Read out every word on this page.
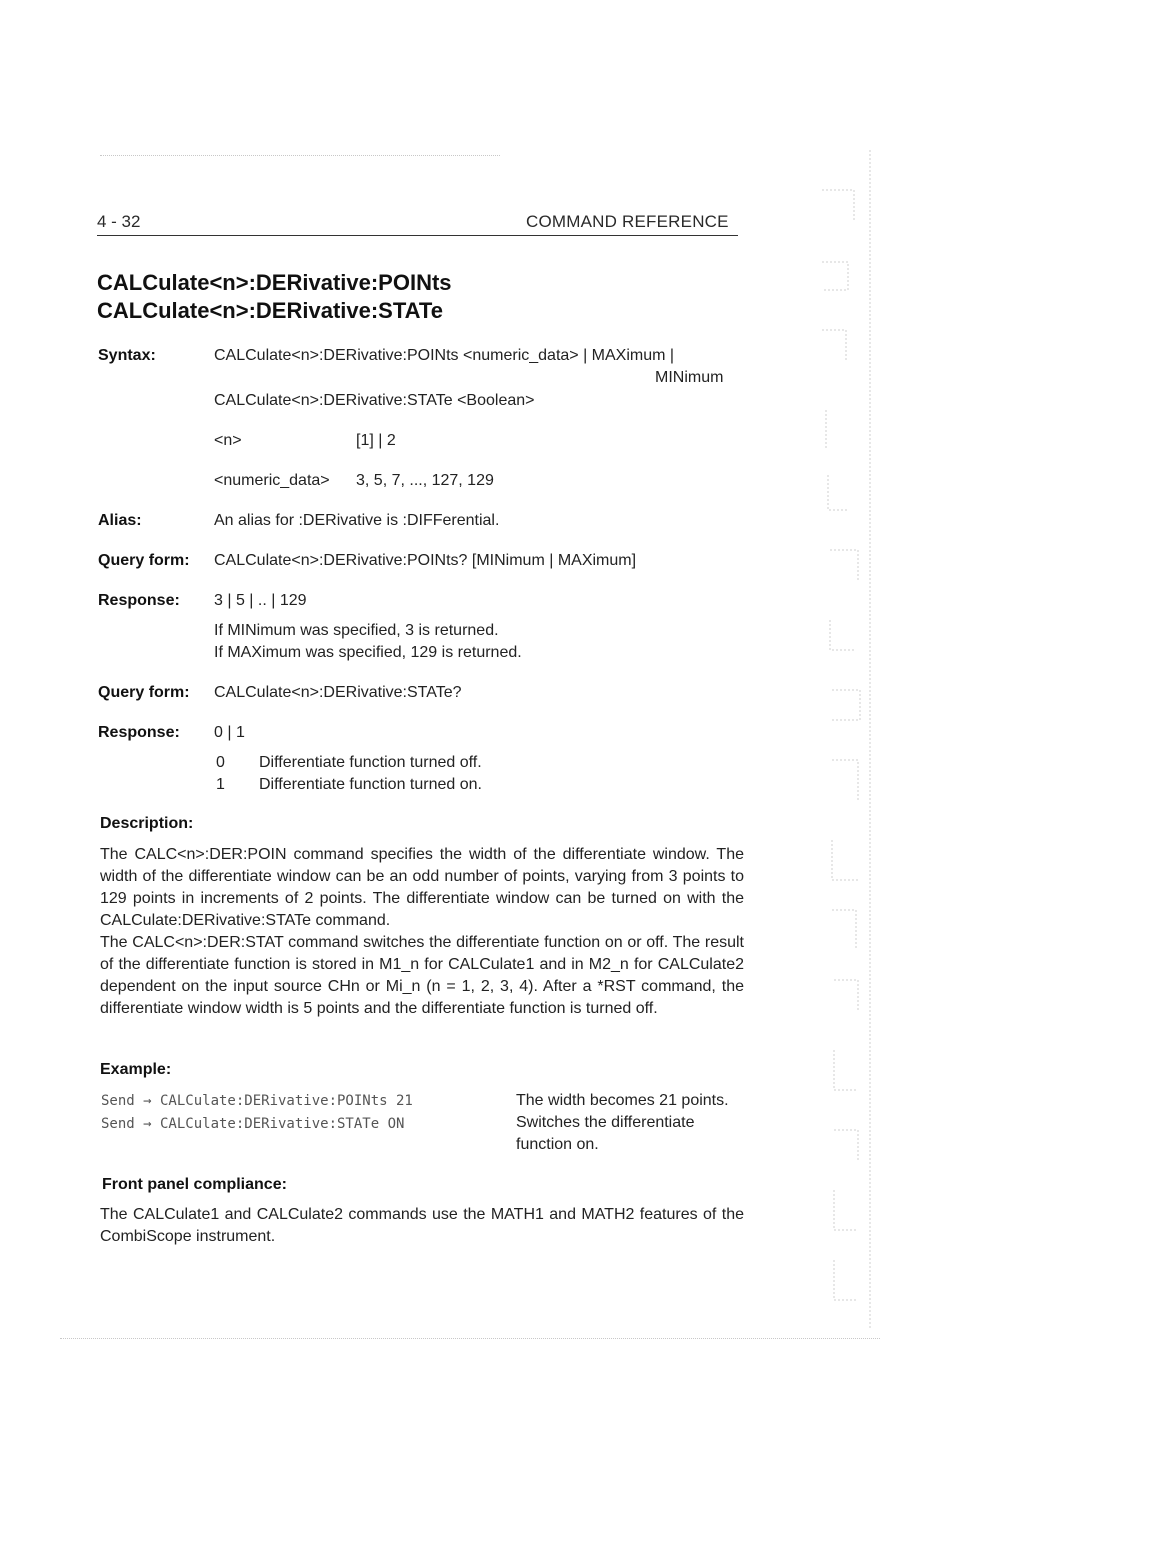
4 - 32	COMMAND REFERENCE
CALCulate<n>:DERivative:POINts
CALCulate<n>:DERivative:STATe
Syntax:	CALCulate<n>:DERivative:POINts <numeric_data> | MAXimum |
MINimum
CALCulate<n>:DERivative:STATe <Boolean>
<n>	[1] | 2
<numeric_data> 3, 5, 7, ..., 127, 129
Alias:	An alias for :DERivative is :DIFFerential.
Query form: CALCulate<n>:DERivative:POINts? [MINimum | MAXimum]
Response: 3 | 5 | .. | 129
If MINimum was specified, 3 is returned.
If MAXimum was specified, 129 is returned.
Query form: CALCulate<n>:DERivative:STATe?
Response: 0 | 1
0 Differentiate function turned off.
1 Differentiate function turned on.
Description:

The CALC<n>:DER:POIN command specifies the width of the differentiate window. The width of the differentiate window can be an odd number of points, varying from 3 points to 129 points in increments of 2 points. The differentiate window can be turned on with the CALCulate:DERivative:STATe command.

The CALC<n>:DER:STAT command switches the differentiate function on or off. The result of the differentiate function is stored in M1_n for CALCulate1 and in M2_n for CALCulate2 dependent on the input source CHn or Mi_n (n = 1, 2, 3, 4). After a *RST command, the differentiate window width is 5 points and the differentiate function is turned off.

Example:
Send → CALCulate:DERivative:POINts 21	The width becomes 21 points.
Send → CALCulate:DERivative:STATe ON	Switches the differentiate
function on.
Front panel compliance:
The CALCulate1 and CALCulate2 commands use the MATH1 and MATH2 features of the CombiScope instrument.
